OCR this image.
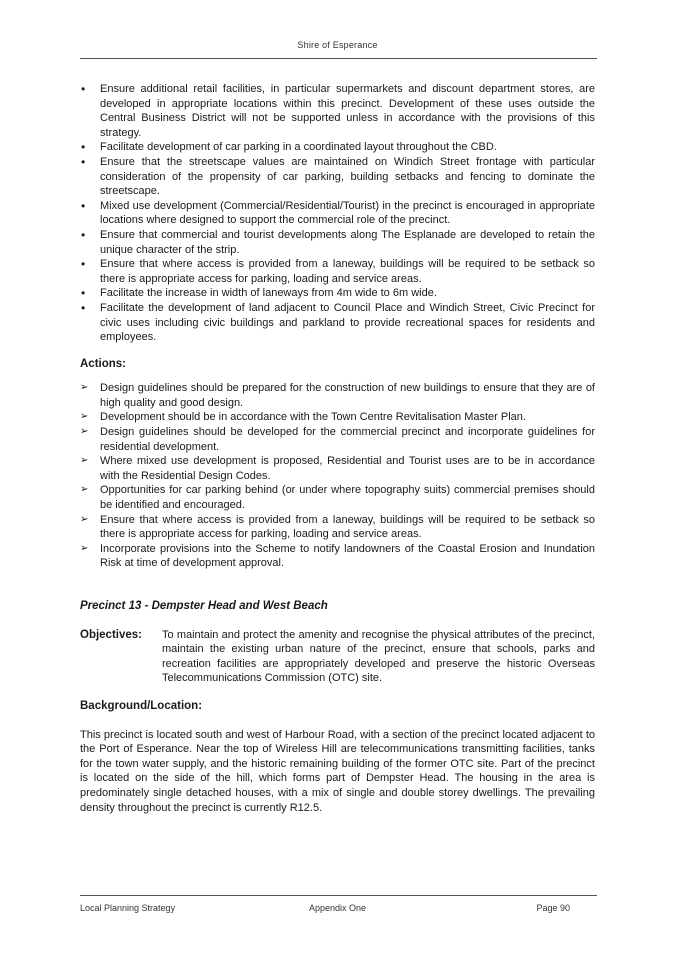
Shire of Esperance
• Ensure additional retail facilities, in particular supermarkets and discount department stores, are developed in appropriate locations within this precinct. Development of these uses outside the Central Business District will not be supported unless in accordance with the provisions of this strategy.
• Facilitate development of car parking in a coordinated layout throughout the CBD.
• Ensure that the streetscape values are maintained on Windich Street frontage with particular consideration of the propensity of car parking, building setbacks and fencing to dominate the streetscape.
• Mixed use development (Commercial/Residential/Tourist) in the precinct is encouraged in appropriate locations where designed to support the commercial role of the precinct.
• Ensure that commercial and tourist developments along The Esplanade are developed to retain the unique character of the strip.
• Ensure that where access is provided from a laneway, buildings will be required to be setback so there is appropriate access for parking, loading and service areas.
• Facilitate the increase in width of laneways from 4m wide to 6m wide.
• Facilitate the development of land adjacent to Council Place and Windich Street, Civic Precinct for civic uses including civic buildings and parkland to provide recreational spaces for residents and employees.
Actions:
➢ Design guidelines should be prepared for the construction of new buildings to ensure that they are of high quality and good design.
➢ Development should be in accordance with the Town Centre Revitalisation Master Plan.
➢ Design guidelines should be developed for the commercial precinct and incorporate guidelines for residential development.
➢ Where mixed use development is proposed, Residential and Tourist uses are to be in accordance with the Residential Design Codes.
➢ Opportunities for car parking behind (or under where topography suits) commercial premises should be identified and encouraged.
➢ Ensure that where access is provided from a laneway, buildings will be required to be setback so there is appropriate access for parking, loading and service areas.
➢ Incorporate provisions into the Scheme to notify landowners of the Coastal Erosion and Inundation Risk at time of development approval.
Precinct 13 - Dempster Head and West Beach
Objectives:	To maintain and protect the amenity and recognise the physical attributes of the precinct, maintain the existing urban nature of the precinct, ensure that schools, parks and recreation facilities are appropriately developed and preserve the historic Overseas Telecommunications Commission (OTC) site.
Background/Location:

This precinct is located south and west of Harbour Road, with a section of the precinct located adjacent to the Port of Esperance. Near the top of Wireless Hill are telecommunications transmitting facilities, tanks for the town water supply, and the historic remaining building of the former OTC site. Part of the precinct is located on the side of the hill, which forms part of Dempster Head. The housing in the area is predominately single detached houses, with a mix of single and double storey dwellings. The prevailing density throughout the precinct is currently R12.5.

Local Planning Strategy	Appendix One	Page 90
